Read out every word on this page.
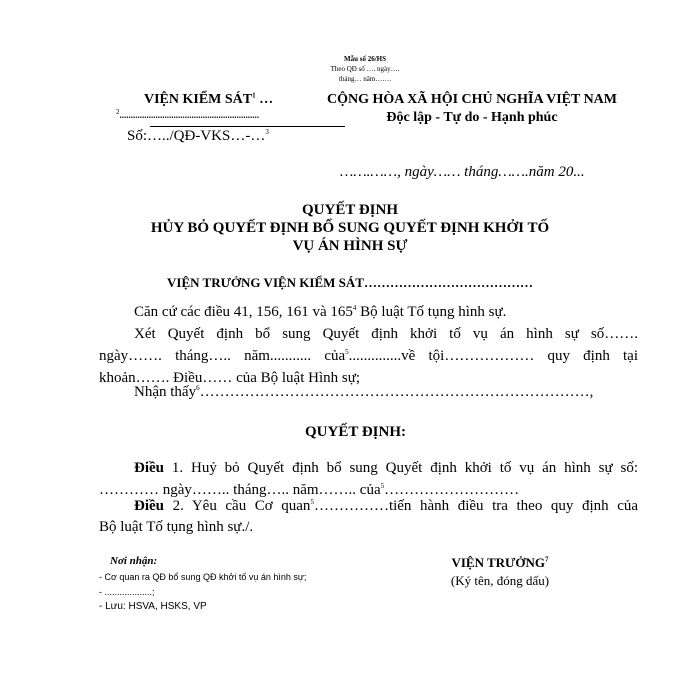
Mẫu số 26/HS
Theo QĐ số …. ngày….
tháng… năm…….
VIỆN KIỂM SÁT$^1$ …
$^2$..............................................................
Số:…../QĐ-VKS…-…$^3$
CỘNG HÒA XÃ HỘI CHỦ NGHĨA VIỆT NAM
Độc lập - Tự do - Hạnh phúc
…….……, ngày…… tháng…….năm 20...
QUYẾT ĐỊNH
HỦY BỎ QUYẾT ĐỊNH BỔ SUNG QUYẾT ĐỊNH KHỞI TỐ
VỤ ÁN HÌNH SỰ
VIỆN TRƯỞNG VIỆN KIỂM SÁT…………………………………
Căn cứ các điều 41, 156, 161 và $165^4$ Bộ luật Tố tụng hình sự.
Xét Quyết định bổ sung Quyết định khởi tố vụ án hình sự số…….
ngày……. tháng….. năm........... của$^5$..............về tội……………… quy định tại
khoản……. Điều…… của Bộ luật Hình sự;
Nhận thấy$^6$……………………………………………………………………,
QUYẾT ĐỊNH:
Điều 1. Huỷ bỏ Quyết định bổ sung Quyết định khởi tố vụ án hình sự số:
………… ngày…….. tháng….. năm…….. của$^5$………………………
Điều 2. Yêu cầu Cơ quan$^5$……………tiến hành điều tra theo quy định của
Bộ luật Tố tụng hình sự./.
Nơi nhận:
- Cơ quan ra QĐ bổ sung QĐ khởi tố vụ án hình sự;
- ...................;
- Lưu: HSVA, HSKS, VP
VIỆN TRƯỞNG$^7$
(Ký tên, đóng dấu)
